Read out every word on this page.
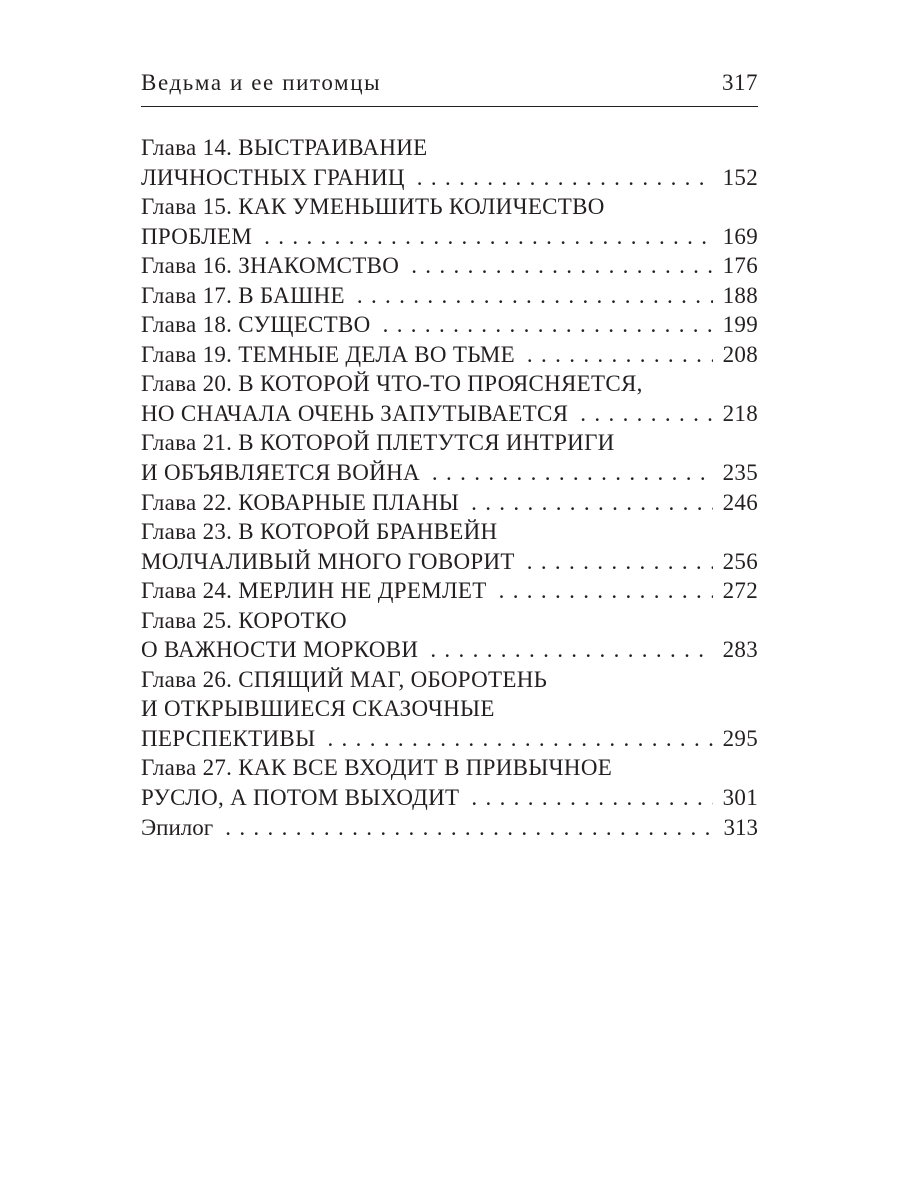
Ведьма и ее питомцы	317
Глава 14. ВЫСТРАИВАНИЕ
ЛИЧНОСТНЫХ ГРАНИЦ . . .	152
Глава 15. КАК УМЕНЬШИТЬ КОЛИЧЕСТВО
ПРОБЛЕМ . . .	169
Глава 16. ЗНАКОМСТВО . . .	176
Глава 17. В БАШНЕ . . .	188
Глава 18. СУЩЕСТВО . . .	199
Глава 19. ТЕМНЫЕ ДЕЛА ВО ТЬМЕ . . .	208
Глава 20. В КОТОРОЙ ЧТО-ТО ПРОЯСНЯЕТСЯ,
НО СНАЧАЛА ОЧЕНЬ ЗАПУТЫВАЕТСЯ . . .	218
Глава 21. В КОТОРОЙ ПЛЕТУТСЯ ИНТРИГИ
И ОБЪЯВЛЯЕТСЯ ВОЙНА . . .	235
Глава 22. КОВАРНЫЕ ПЛАНЫ . . .	246
Глава 23. В КОТОРОЙ БРАНВЕЙН
МОЛЧАЛИВЫЙ МНОГО ГОВОРИТ . . .	256
Глава 24. МЕРЛИН НЕ ДРЕМЛЕТ . . .	272
Глава 25. КОРОТКО
О ВАЖНОСТИ МОРКОВИ . . .	283
Глава 26. СПЯЩИЙ МАГ, ОБОРОТЕНЬ
И ОТКРЫВШИЕСЯ СКАЗОЧНЫЕ
ПЕРСПЕКТИВЫ . . .	295
Глава 27. КАК ВСЕ ВХОДИТ В ПРИВЫЧНОЕ
РУСЛО, А ПОТОМ ВЫХОДИТ . . .	301
Эпилог . . .	313
